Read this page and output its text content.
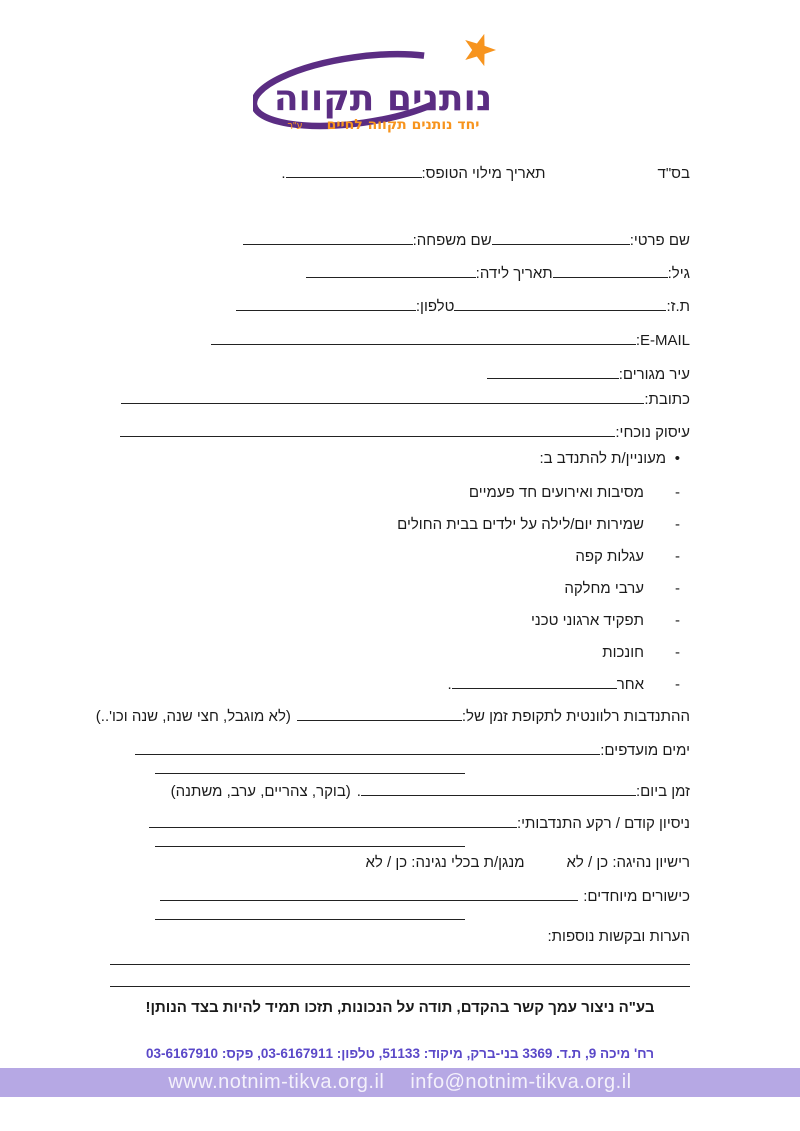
נותנים תקווה
יחד נותנים תקווה לחיים
ע"ר
בס"ד
תאריך מילוי הטופס:
.
שם פרטי:
שם משפחה:
גיל:
תאריך לידה:
ת.ז:
טלפון:
E-MAIL:
עיר מגורים:
כתובת:
עיסוק נוכחי:
•
מעוניין/ת להתנדב ב:
-
מסיבות ואירועים חד פעמיים
-
שמירות יום/לילה על ילדים בבית החולים
-
עגלות קפה
-
ערבי מחלקה
-
תפקיד ארגוני טכני
-
חונכות
-
אחר
.
ההתנדבות רלוונטית לתקופת זמן של:
(לא מוגבל, חצי שנה, שנה וכו'..)
ימים מועדפים:
זמן ביום:
.
(בוקר, צהריים, ערב, משתנה)
ניסיון קודם / רקע התנדבותי:
רישיון נהיגה: כן / לא
מנגן/ת בכלי נגינה: כן / לא
כישורים מיוחדים:
הערות ובקשות נוספות:
בע"ה ניצור עמך קשר בהקדם, תודה על הנכונות, תזכו תמיד להיות בצד הנותן!
רח' מיכה 9, ת.ד. 3369 בני-ברק, מיקוד: 51133, טלפון: 03-6167911, פקס: 03-6167910
www.notnim-tikva.org.il info@notnim-tikva.org.il
